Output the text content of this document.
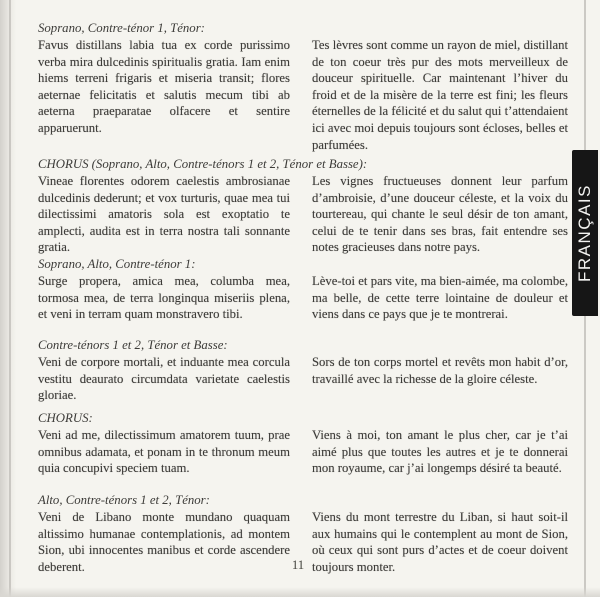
FRANÇAIS
Soprano, Contre-ténor 1, Ténor:

Favus distillans labia tua ex corde purissimo verba mira dulcedinis spiritualis gratia. Iam enim hiems terreni frigaris et miseria transit; flores aeternae felicitatis et salutis mecum tibi ab aeterna praeparatae olfacere et sentire apparuerunt.

Tes lèvres sont comme un rayon de miel, distillant de ton coeur très pur des mots merveilleux de douceur spirituelle. Car maintenant l’hiver du froid et de la misère de la terre est fini; les fleurs éternelles de la félicité et du salut qui t’attendaient ici avec moi depuis toujours sont écloses, belles et parfumées.

CHORUS (Soprano, Alto, Contre-ténors 1 et 2, Ténor et Basse):

Vineae florentes odorem caelestis ambrosianae dulcedinis dederunt; et vox turturis, quae mea tui dilectissimi amatoris sola est exoptatio te amplecti, audita est in terra nostra tali sonnante gratia.

Les vignes fructueuses donnent leur parfum d’ambroisie, d’une douceur céleste, et la voix du tourtereau, qui chante le seul désir de ton amant, celui de te tenir dans ses bras, fait entendre ses notes gracieuses dans notre pays.

Soprano, Alto, Contre-ténor 1:

Surge propera, amica mea, columba mea, tormosa mea, de terra longinqua miseriis plena, et veni in terram quam monstravero tibi.

Lève-toi et pars vite, ma bien-aimée, ma colombe, ma belle, de cette terre lointaine de douleur et viens dans ce pays que je te montrerai.

Contre-ténors 1 et 2, Ténor et Basse:

Veni de corpore mortali, et induante mea corcula vestitu deaurato circumdata varietate caelestis gloriae.

Sors de ton corps mortel et revêts mon habit d’or, travaillé avec la richesse de la gloire céleste.

CHORUS:

Veni ad me, dilectissimum amatorem tuum, prae omnibus adamata, et ponam in te thronum meum quia concupivi speciem tuam.

Viens à moi, ton amant le plus cher, car je t’ai aimé plus que toutes les autres et je te donnerai mon royaume, car j’ai longemps désiré ta beauté.

Alto, Contre-ténors 1 et 2, Ténor:

Veni de Libano monte mundano quaquam altissimo humanae contemplationis, ad montem Sion, ubi innocentes manibus et corde ascendere deberent.

Viens du mont terrestre du Liban, si haut soit-il aux humains qui le contemplent au mont de Sion, où ceux qui sont purs d’actes et de coeur doivent toujours monter.

11
